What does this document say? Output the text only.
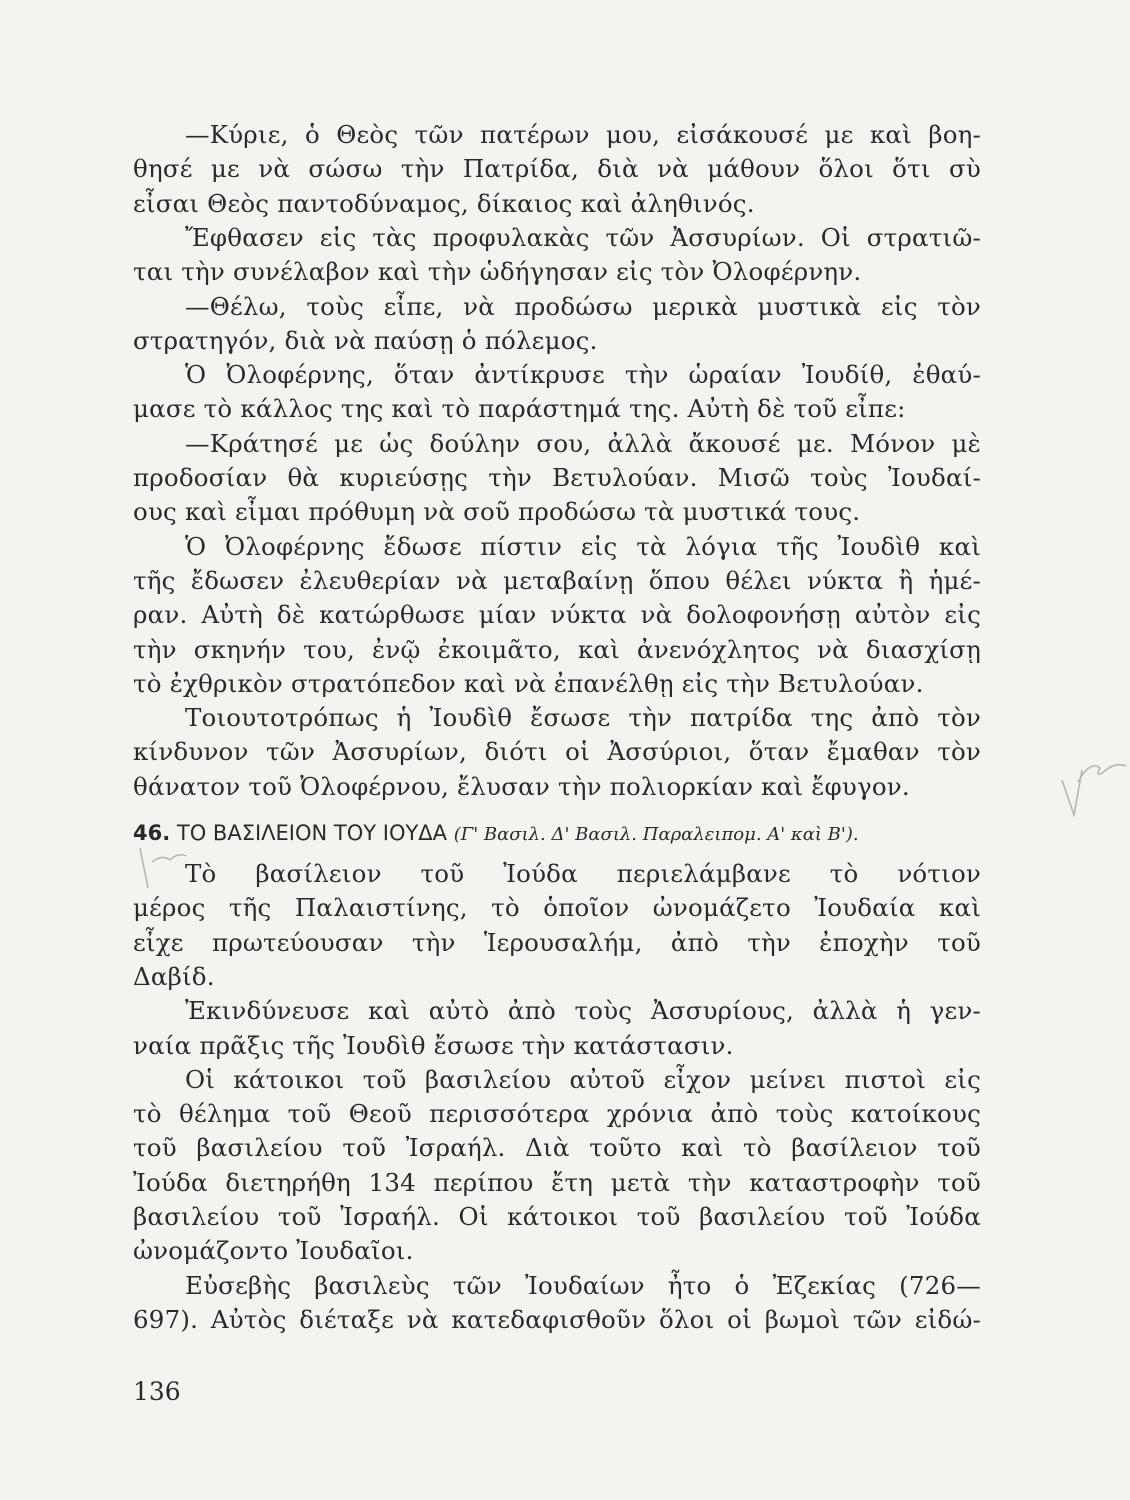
—Κύριε, ὁ Θεὸς τῶν πατέρων μου, εἰσάκουσέ με καὶ βοη-
θησέ με νὰ σώσω τὴν Πατρίδα, διὰ νὰ μάθουν ὅλοι ὅτι σὺ
εἶσαι Θεὸς παντοδύναμος, δίκαιος καὶ ἀληθινός.
Ἔφθασεν εἰς τὰς προφυλακὰς τῶν Ἀσσυρίων. Οἱ στρατιῶ-
ται τὴν συνέλαβον καὶ τὴν ὡδήγησαν εἰς τὸν Ὀλοφέρνην.
—Θέλω, τοὺς εἶπε, νὰ προδώσω μερικὰ μυστικὰ εἰς τὸν
στρατηγόν, διὰ νὰ παύσῃ ὁ πόλεμος.
Ὁ Ὀλοφέρνης, ὅταν ἀντίκρυσε τὴν ὡραίαν Ἰουδίθ, ἐθαύ-
μασε τὸ κάλλος της καὶ τὸ παράστημά της. Αὐτὴ δὲ τοῦ εἶπε:
—Κράτησέ με ὡς δούλην σου, ἀλλὰ ἄκουσέ με. Μόνον μὲ
προδοσίαν θὰ κυριεύσῃς τὴν Βετυλούαν. Μισῶ τοὺς Ἰουδαί-
ους καὶ εἶμαι πρόθυμη νὰ σοῦ προδώσω τὰ μυστικά τους.
Ὁ Ὀλοφέρνης ἔδωσε πίστιν εἰς τὰ λόγια τῆς Ἰουδὶθ καὶ
τῆς ἔδωσεν ἐλευθερίαν νὰ μεταβαίνῃ ὅπου θέλει νύκτα ἢ ἡμέ-
ραν. Αὐτὴ δὲ κατώρθωσε μίαν νύκτα νὰ δολοφονήσῃ αὐτὸν εἰς
τὴν σκηνήν του, ἐνῷ ἐκοιμᾶτο, καὶ ἀνενόχλητος νὰ διασχίσῃ
τὸ ἐχθρικὸν στρατόπεδον καὶ νὰ ἐπανέλθῃ εἰς τὴν Βετυλούαν.
Τοιουτοτρόπως ἡ Ἰουδὶθ ἔσωσε τὴν πατρίδα της ἀπὸ τὸν
κίνδυνον τῶν Ἀσσυρίων, διότι οἱ Ἀσσύριοι, ὅταν ἔμαθαν τὸν
θάνατον τοῦ Ὀλοφέρνου, ἔλυσαν τὴν πολιορκίαν καὶ ἔφυγον.
46. ΤΟ ΒΑΣΙΛΕΙΟΝ ΤΟΥ ΙΟΥΔΑ (Γ' Βασιλ. Δ' Βασιλ. Παραλειπομ. Α' καὶ Β').
Τὸ βασίλειον τοῦ Ἰούδα περιελάμβανε τὸ νότιον
μέρος τῆς Παλαιστίνης, τὸ ὁποῖον ὠνομάζετο Ἰουδαία καὶ
εἶχε πρωτεύουσαν τὴν Ἱερουσαλήμ, ἀπὸ τὴν ἐποχὴν τοῦ
Δαβίδ.
Ἐκινδύνευσε καὶ αὐτὸ ἀπὸ τοὺς Ἀσσυρίους, ἀλλὰ ἡ γεν-
ναία πρᾶξις τῆς Ἰουδὶθ ἔσωσε τὴν κατάστασιν.
Οἱ κάτοικοι τοῦ βασιλείου αὐτοῦ εἶχον μείνει πιστοὶ εἰς
τὸ θέλημα τοῦ Θεοῦ περισσότερα χρόνια ἀπὸ τοὺς κατοίκους
τοῦ βασιλείου τοῦ Ἰσραήλ. Διὰ τοῦτο καὶ τὸ βασίλειον τοῦ
Ἰούδα διετηρήθη 134 περίπου ἔτη μετὰ τὴν καταστροφὴν τοῦ
βασιλείου τοῦ Ἰσραήλ. Οἱ κάτοικοι τοῦ βασιλείου τοῦ Ἰούδα
ὠνομάζοντο Ἰουδαῖοι.
Εὐσεβὴς βασιλεὺς τῶν Ἰουδαίων ἦτο ὁ Ἐζεκίας (726—
697). Αὐτὸς διέταξε νὰ κατεδαφισθοῦν ὅλοι οἱ βωμοὶ τῶν εἰδώ-
136
